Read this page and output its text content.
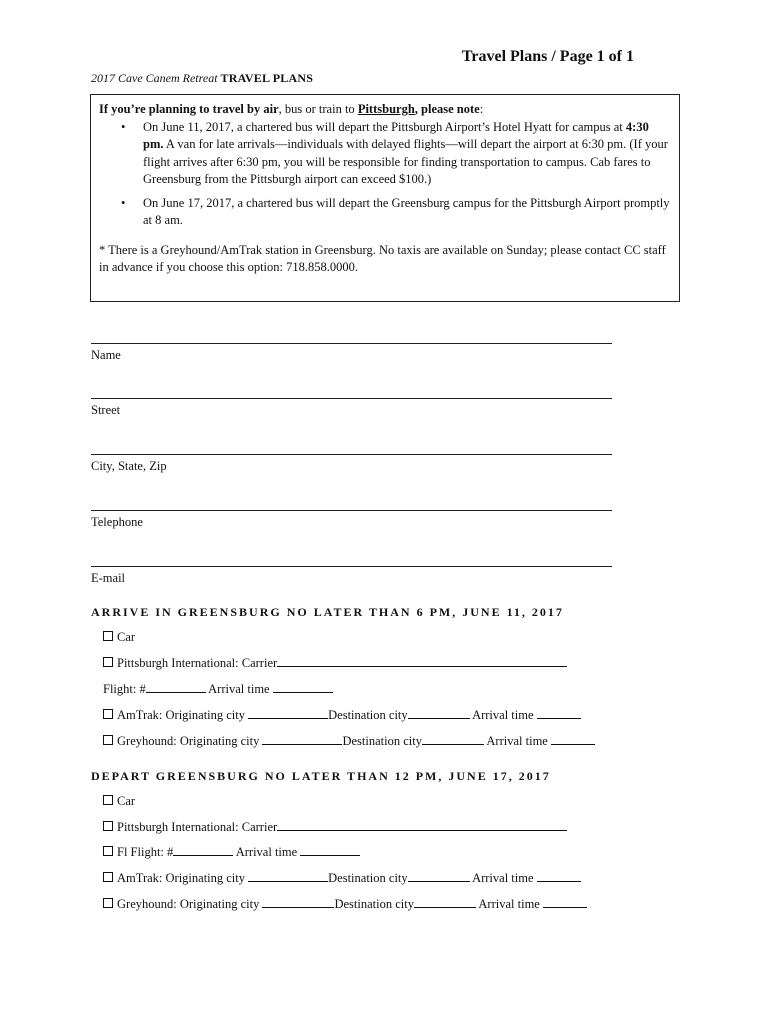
Travel Plans / Page 1 of 1
2017 Cave Canem Retreat TRAVEL PLANS

If you’re planning to travel by air, bus or train to Pittsburgh, please note:

• On June 11, 2017, a chartered bus will depart the Pittsburgh Airport’s Hotel Hyatt for campus at 4:30 pm. A van for late arrivals—individuals with delayed flights—will depart the airport at 6:30 pm. (If your flight arrives after 6:30 pm, you will be responsible for finding transportation to campus. Cab fares to Greensburg from the Pittsburgh airport can exceed $100.)
• On June 17, 2017, a chartered bus will depart the Greensburg campus for the Pittsburgh Airport promptly at 8 am.

* There is a Greyhound/AmTrak station in Greensburg. No taxis are available on Sunday; please contact CC staff in advance if you choose this option: 718.858.0000.

Name
Street
City, State, Zip
Telephone
E-mail
ARRIVE IN GREENSBURG NO LATER THAN 6 PM, JUNE 11, 2017
Car
Pittsburgh International: Carrier
Flight: #	Arrival time
AmTrak: Originating city	Destination city	Arrival time
Greyhound: Originating city	Destination city	Arrival time
DEPART GREENSBURG NO LATER THAN 12 PM, JUNE 17, 2017
Car
Pittsburgh International: Carrier
Fl Flight: #	Arrival time
AmTrak: Originating city	Destination city	Arrival time
Greyhound: Originating city	Destination city	Arrival time
